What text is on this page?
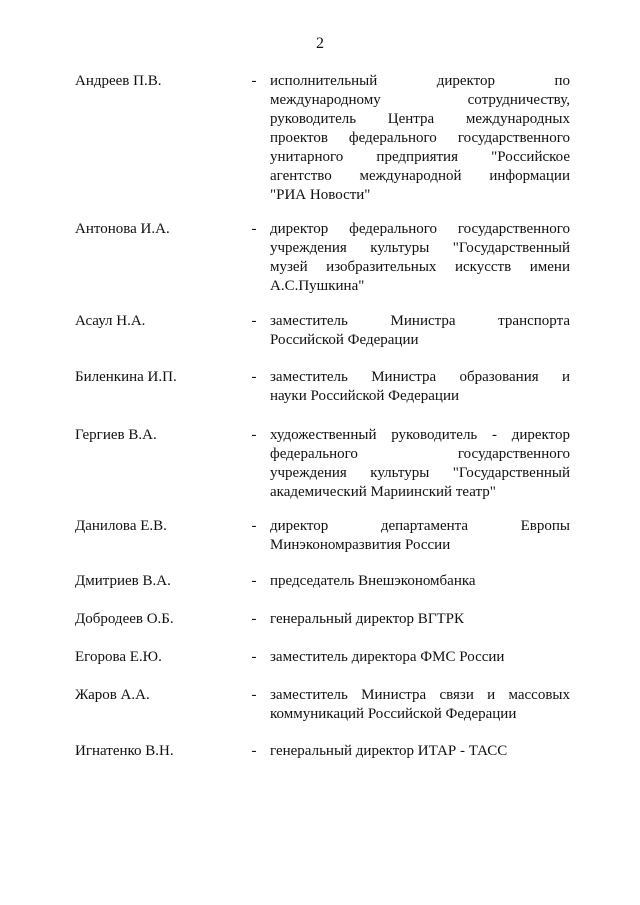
2
Андреев П.В.	- исполнительный директор по
международному сотрудничеству,
руководитель Центра международных
проектов федерального государственного
унитарного предприятия "Российское
агентство международной информации
"РИА Новости"
Антонова И.А.	- директор федерального государственного
учреждения культуры "Государственный
музей изобразительных искусств имени
А.С.Пушкина"
Асаул Н.А.	- заместитель Министра транспорта
Российской Федерации
Биленкина И.П.	- заместитель Министра образования и
науки Российской Федерации
Гергиев В.А.	- художественный руководитель - директор
федерального государственного
учреждения культуры "Государственный
академический Мариинский театр"
Данилова Е.В.	- директор департамента Европы
Минэкономразвития России
Дмитриев В.А.	- председатель Внешэкономбанка
Добродеев О.Б.	- генеральный директор ВГТРК
Егорова Е.Ю.	- заместитель директора ФМС России
Жаров А.А.	- заместитель Министра связи и массовых
коммуникаций Российской Федерации
Игнатенко В.Н.	- генеральный директор ИТАР - ТАСС
